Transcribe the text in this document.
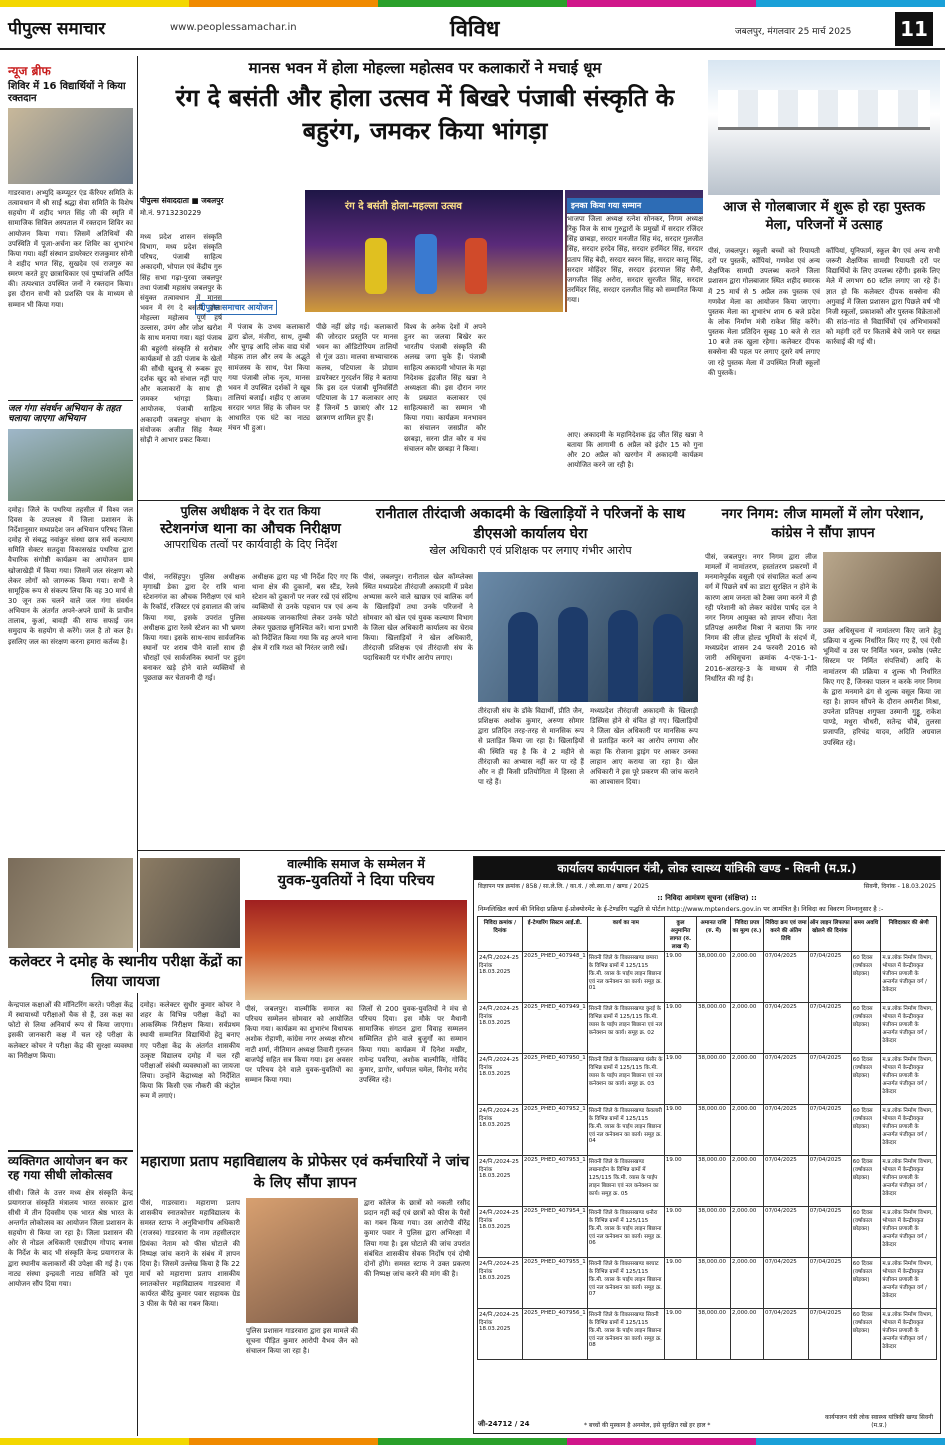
पीपुल्स समाचार	www.peoplessamachar.in	विविध	जबलपुर, मंगलवार 25 मार्च 2025 11
न्यूज ब्रीफ
शिविर में 16 विद्यार्थियों ने किया रक्तदान
गाडरवारा। अभ्युदि कम्प्यूटर एंड कॅरियर समिति के तत्वावधान में श्री साईं श्रद्धा सेवा समिति के विशेष सहयोग में शहीद भगत सिंह जी की स्मृति में सामाजिक सिविल अस्पताल में रक्तदान शिविर का आयोजन किया गया। जिसमें अतिथियों की उपस्थिति में पूजा-अर्चना कर शिविर का शुभारंभ किया गया। वहीं संस्थान डायरेक्टर राजकुमार सोनी ने शहीद भगत सिंह, सुखदेव एवं राजगुरु का स्मरण करते हुए छात्राधिकार एवं पुष्पांजलि अर्पित की। तत्पश्चात उपस्थित जनों ने रक्तदान किया। इस दौरान सभी को प्रशस्ति पत्र के माध्यम से सम्मान भी किया गया।
जल गंगा संवर्धन अभियान के तहत चलाया जाएगा अभियान
दमोह। जिले के पथरिया तहसील में विश्व जल दिवस के उपलक्ष्य में जिला प्रशासन के निर्देशानुसार मध्यप्रदेश जन अभियान परिषद जिला दमोह से संबद्ध नवांकुर संस्था छात्र सर्व कल्याण समिति सेक्टर सतदुवा विकासखंड पथरिया द्वारा वैचारिक संगोष्ठी कार्यक्रम का आयोजन ग्राम खोजाखेड़ी में किया गया। जिसमें जल संरक्षण को लेकर लोगों को जागरूक किया गया। सभी ने सामूहिक रूप से संकल्प लिया कि वह 30 मार्च से 30 जून तक चलने वाले जल गंगा संवर्धन अभियान के अंतर्गत अपने-अपने ग्रामों के प्राचीन तालाब, कुआं, बावड़ी की साफ सफाई जन समुदाय के सहयोग से करेंगे। जल है तो कल है। इसलिए जल का संरक्षण करना हमारा कर्तव्य है।
व्यक्तिगत आयोजन बन कर रह गया सीधी लोकोत्सव
सीधी। जिले के उत्तर मध्य क्षेत्र संस्कृति केन्द्र प्रयागराज संस्कृति मंत्रालय भारत सरकार द्वारा सीधी में तीन दिवसीय एक भारत श्रेष्ठ भारत के अन्तर्गत लोकोत्सव का आयोजन जिला प्रशासन के सहयोग से किया जा रहा है। जिला प्रशासन की ओर से नोडल अधिकारी एसडीएम गोपाद बनास के निर्देश के बाद भी संस्कृति केन्द्र प्रयागराज के द्वारा स्थानीय कलाकारों की उपेक्षा की गई है। एक नाट्य संस्था इन्द्रवती नाट्य समिति को पूरा आयोजन सौंप दिया गया।
मानस भवन में होला मोहल्ला महोत्सव पर कलाकारों ने मचाई धूम
रंग दे बसंती और होला उत्सव में बिखरे पंजाबी संस्कृति के बहुरंग, जमकर किया भांगड़ा
पीपुल्स संवाददाता ■ जबलपुर
मो.नं. 9713230229
रंग दे बसंती होला-महल्ला उत्सव
पीपुल्स समाचार आयोजन
मध्य प्रदेश शासन संस्कृति विभाग, मध्य प्रदेश संस्कृति परिषद, पंजाबी साहित्य अकादमी, भोपाल एवं केंद्रीय गुरु सिंह सभा गढ़ा-पुरवा जबलपुर तथा पंजाबी महासंघ जबलपुर के संयुक्त तत्वावधान में मानस भवन में रंग दे बसंती, होला मोहल्ला महोत्सव पूर्ण हर्ष उल्लास, उमंग और जोश खरोश के साथ मनाया गया। यहां पंजाब की बहुरंगी संस्कृति से सरोबार कार्यक्रमों से उठी पंजाब के खेतों की सौंधी खुशबू से रूबरू हुए दर्शक खुद को संभाल नहीं पाए और कलाकारों के साथ ही जमकर भांगड़ा किया। आयोजक, पंजाबी साहित्य अकादमी जबलपुर संभाग के संयोजक अजीत सिंह नैय्यर सोढ़ी ने आभार प्रकट किया।
में पंजाब के उभय कलाकारों द्वारा ढोल, मंजीरा, साथ, तुम्बी और चुगढ़ आदि लोक वाद्य यंत्रों मोहक ताल और लय के अद्भुते सामंजस्य के साथ, पेश किया गया पंजाबी लोक नृत्य, मानस भवन में उपस्थित दर्शकों ने खूब तालियां बजाईं। शहीद ए आजम सरदार भगत सिंह के जीवन पर आधारित एक घंटे का नाट्य मंचन भी हुआ।
पीछे नहीं छोड़ गई। कलाकारों की जोरदार प्रस्तुति पर मानस भवन का ऑडिटोरियम तालियों से गूंज उठा। मालवा सभ्याचारक कलब, पटियाला के प्रोग्राम डायरेक्टर गुरदर्शन सिंह ने बताया कि इस दल पंजाबी यूनिवर्सिटी पटियाला के 17 कलाकार आए हैं जिनमें 5 छात्राएं और 12 छात्रगण शामिल हुए हैं।
विश्व के अनेक देशों में अपने हुनर का जलवा बिखेर कर भारतीय पंजाबी संस्कृति की अलख जगा चुके हैं। पंजाबी साहित्य अकादमी भोपाल के महा निदेशक इंद्रजीत सिंह खन्ना ने अध्यक्षता की। इस दौरान नगर के प्रख्यात कलाकार एवं साहित्यकारों का सम्मान भी किया गया। कार्यक्रम मनभावन का संचालन जसप्रीत कौर छाबड़ा, सरना प्रीत कौर व मंच संचालन कौर छाबड़ा ने किया।
इनका किया गया सम्मान
भाजपा जिला अध्यक्ष रत्नेश सोनकर, निगम अध्यक्ष रिंकु विज के साथ गुरुद्वारों के प्रमुखों में सरदार रजिंदर सिंह छाबड़ा, सरदार मनजीत सिंह मंद, सरदार गुलजीत सिंह, सरदार हरदेव सिंह, सरदार हरमिंदर सिंह, सरदार प्रताप सिंह बेदी, सरदार स्वरन सिंह, सरदार कालू सिंह, सरदार मोहिंदर सिंह, सरदार इंदरपाल सिंह सैनी, जगजीत सिंह अरोरा, सरदार सुरजीत सिंह, सरदार तरमिंदर सिंह, सरदार दलजीत सिंह को सम्मानित किया गया।
आए। अकादमी के महानिदेशक इंद्र जीत सिंह खन्ना ने बताया कि आगामी 6 अप्रैल को इंदौर 15 को गुना और 20 अप्रैल को खरगोन में अकादमी कार्यक्रम आयोजित करने जा रही है।
आज से गोलबाजार में शुरू हो रहा पुस्तक मेला, परिजनों में उत्साह
पीसं, जबलपुर। स्कूली बच्चों को रियायती दरों पर पुस्तकें, कॉपियां, गणवेश एवं अन्य शैक्षणिक सामग्री उपलब्ध कराने जिला प्रशासन द्वारा गोलबाजार स्थित शहीद स्मारक में 25 मार्च से 5 अप्रैल तक पुस्तक एवं गणवेश मेला का आयोजन किया जाएगा। पुस्तक मेला का शुभारंभ शाम 6 बजे प्रदेश के लोक निर्माण मंत्री राकेश सिंह करेंगे। पुस्तक मेला प्रतिदिन सुबह 10 बजे से रात 10 बजे तक खुला रहेगा। कलेक्टर दीपक सक्सेना की पहल पर लगाए दूसरे वर्ष लगाए जा रहे पुस्तक मेला में उपस्थित निजी स्कूलों की पुस्तकें।
कॉपियां, यूनिफार्म, स्कूल बैग एवं अन्य सभी जरूरी शैक्षणिक सामग्री रियायती दरों पर विद्यार्थियों के लिए उपलब्ध रहेंगी। इसके लिए मेले में लगभग 60 स्टॉल लगाए जा रहे हैं। ज्ञात हो कि कलेक्टर दीपक सक्सेना की अगुवाई में जिला प्रशासन द्वारा पिछले वर्ष भी निजी स्कूलों, प्रकाशकों और पुस्तक विक्रेताओं की सांठ-गांठ से विद्यार्थियों एवं अभिभावकों को महंगी दरों पर किताबें बेचे जाने पर सख्त कार्रवाई की गई थी।
पुलिस अधीक्षक ने देर रात किया
स्टेशनगंज थाना का औचक निरीक्षण
आपराधिक तत्वों पर कार्यवाही के दिए निर्देश
पीसं, नरसिंहपुर। पुलिस अधीक्षक मृगाखी डेका द्वारा देर रात्रि थाना स्टेशनगंज का औचक निरीक्षण एवं थाने के रिकॉर्ड, रजिस्टर एवं हवालात की जांच किया गया, इसके उपरांत पुलिस अधीक्षक द्वारा रेलवे स्टेशन का भी भ्रमण किया गया। इसके साथ-साथ सार्वजनिक स्थानों पर शराब पीने वालों साथ ही चौराहों एवं सार्वजनिक स्थानों पर हुड़ंग बनाकर खड़े होने वाले व्यक्तियों से पूछताछ कर चेतावनी दी गई।
अधीक्षक द्वारा यह भी निर्देश दिए गए कि थाना क्षेत्र की दुकानों, बस स्टैंड, रेलवे स्टेशन को दुकानों पर नजर रखें एवं संदिग्ध व्यक्तियों से उनके पहचान पत्र एवं अन्य आवश्यक जानकारियां लेकर उनके फोटो लेकर पूछताछ सुनिश्चित करें। थाना प्रभारी को निर्देशित किया गया कि वह अपने थाना क्षेत्र में रात्रि गश्त को निरंतर जारी रखें।
रानीताल तीरंदाजी अकादमी के खिलाड़ियों ने परिजनों के साथ डीएसओ कार्यालय घेरा
खेल अधिकारी एवं प्रशिक्षक पर लगाए गंभीर आरोप
पीसं, जबलपुर। रानीताल खेल कॉम्प्लेक्स स्थित मध्यप्रदेश तीरंदाजी अकादमी में प्रवेश अभ्यास करने वाले खाछत्र एवं बालिक वर्ग के खिलाड़ियों तथा उनके परिजनों ने सोमवार को खेल एवं युवक कल्याण विभाग के जिला खेल अधिकारी कार्यालय का घेराव किया। खिलाड़ियों ने खेल अधिकारी, तीरंदाजी प्रशिक्षक एवं तीरंदाजी संघ के पदाधिकारी पर गंभीर आरोप लगाए।
तीरंदाजी संघ के डॉके विद्यार्थी, प्रीति जैन, प्रशिक्षक अशोक कुमार, अरुणा सोमार द्वारा प्रतिदिन तरह-तरह से मानसिक रूप से प्रताड़ित किया जा रहा है। खिलाड़ियों की स्थिति यह है कि वे 2 महीने से तीरंदाजी का अभ्यास नहीं कर पा रहे हैं और न ही किसी प्रतियोगिता में हिस्सा ले पा रहे हैं।
मध्यप्रदेश तीरंदाजी अकादमी के खिलाड़ी डिस्मिस होने से वंचित हो गए। खिलाड़ियों ने जिला खेल अधिकारी पर मानसिक रूप से प्रताड़ित करने का आरोप लगाया और कहा कि रोजाना ड्राइंग पर आकर उनका लाहान आए कराया जा रहा है। खेल अधिकारी ने इस पूरे प्रकरण की जांच कराने का आश्वासन दिया।
नगर निगम: लीज मामलों में लोग परेशान, कांग्रेस ने सौंपा ज्ञापन
पीसं, जबलपुर। नगर निगम द्वारा लीज मामलों में नामांतरण, हस्तांतरण प्रकरणों में मनमानेपूर्वक वसूली एवं संचालित कर्ता अन्य वर्ग में पिछले वर्ष का डाटा सुरक्षित न होने के कारण आम जनता को टैक्स जमा करने में ही रही परेशानी को लेकर कांग्रेस पार्षद दल ने नगर निगम आयुक्त को ज्ञापन सौंपा। नेता प्रतिपक्ष अमरीश मिश्रा ने बताया कि नगर निगम की लीज होल्ड भूमियों के संदर्भ में, मध्यप्रदेश शासन 24 फरवरी 2016 को जारी अधिसूचना क्रमांक 4-एफ-1-1-2016-अठारह-3 के माध्यम से नीति निर्धारित की गई है।
उक्त अधिसूचना में नामांतरण किए जाने हेतु प्रक्रिया व शुल्क निर्धारित किए गए हैं, एवं ऐसी भूमियों व उस पर निर्मित भवन, प्रकोष्ठ (फ्लैट सिस्टम पर निर्मित संपत्तियों) आदि के नामांतरण की प्रक्रिया व शुल्क भी निर्धारित किए गए हैं, जिनका पालन न करके नगर निगम के द्वारा मनमाने ढंग से शुल्क वसूल किया जा रहा है। ज्ञापन सौंपने के दौरान अमरीश मिश्रा, उपनेता प्रतिपक्ष शगुफ्ता उस्मानी गुड्डू, राकेश पाण्डे, मधुरा चौधरी, सतेन्द्र चौबे, तुलसा प्रजापति, हरिचंद्र यादव, अदिति अग्रवाल उपस्थित रहे।
कलेक्टर ने दमोह के स्थानीय परीक्षा केंद्रों का लिया जायजा
दमोह। कलेक्टर सुधीर कुमार कोचर ने शहर के विभिन्न परीक्षा केंद्रों का आकस्मिक निरीक्षण किया। सर्वप्रथम स्थायी सम्मानित विद्यार्थियों हेतु बनाए गए परीक्षा केंद्र के अंतर्गत शासकीय उत्कृष्ट विद्यालय दमोह में चल रही परीक्षाओं संबंधी व्यवस्थाओं का जायजा लिया। उन्होंने केंद्राध्यक्ष को निर्देशित किया कि किसी एक नौकरी की कंट्रोल रूम में लगाएं।
केन्द्रपाल कक्षाओं की मॉनिटरिंग करते। परीक्षा केंद्र में स्थायाध्यों परीक्षाओं चैक से हैं, उस कक्ष का फोटो से लिया अनिवार्य रूप से किया जाएगा। इसकी जानकारी कक्ष में चल रहे परीक्षा के कलेक्टर कोचर ने परीक्षा केंद्र की सुरक्षा व्यवस्था का निरीक्षण किया।
वाल्मीकि समाज के सम्मेलन में
युवक-युवतियों ने दिया परिचय
पीसं, जबलपुर। वाल्मीकि समाज का परिचय सम्मेलन सोमवार को आयोजित किया गया। कार्यक्रम का शुभारंभ विधायक अशोक रोहाणी, कांग्रेस नगर अध्यक्ष सौरभ नाटी शर्मा, नीतिमान अध्यक्ष तिवारी गुरुजन बाजपेई सहित सत्र किया गया। इस अवसर पर परिचय देने वाले युवक-युवतियों का सम्मान किया गया।
जिलों से 200 युवक-युवतियों ने मंच से परिचय दिया। इस मौके पर मैथानी सामाजिक संगठन द्वारा विवाह सम्मलन सम्मिलित होने वाले बुजुर्गों का सम्मान किया गया। कार्यक्रम में दिनेश मखीर, रामेन्द्र पवरिया, अशोक बाल्मीकि, गोविंद कुमार, डागोर, धर्मपाल चमेल, विनोद मरोद उपस्थित रहे।
महाराणा प्रताप महाविद्यालय के प्रोफेसर एवं कर्मचारियों ने जांच के लिए सौंपा ज्ञापन
पीसं, गाडरवारा। महाराणा प्रताप शासकीय स्नातकोत्तर महाविद्यालय के समस्त स्टाफ ने अनुविभागीय अधिकारी (राजस्व) गाडरवारा के नाम तहसीलदार प्रियंका नेताम को फीस घोटाले की निष्पक्ष जांच कराने के संबंध में ज्ञापन दिया है। जिसमें उल्लेख किया है कि 22 मार्च को महाराणा प्रताप शासकीय स्नातकोत्तर महाविद्यालय गाडरवारा में कार्यरत बीरेंद्र कुमार पवार सहायक ग्रेड 3 फीस के पैसे का गबन किया।
पुलिस प्रशासन गाडरवारा द्वारा इस मामले की सूचना पीड़ित कुमार आरोपी वैभव जैन को संचालन किया जा रहा है।
द्वारा कॉलेज के छात्रों को नकली रसीद प्रदान नहीं कई एवं छात्रों को फीस के पैसों का गबन किया गया। उस आरोपी वीरेंद्र कुमार पवार ने पुलिस द्वारा अभिरक्षा में लिया गया है। इस घोटाले की जांच उपरांत संबंधित शासकीय सेवक निर्दोष एवं दोषी दोनों होंगे। समस्त स्टाफ ने उक्त प्रकरण की निष्पक्ष जांच करने की मांग की है।
कार्यालय कार्यपालन यंत्री, लोक स्वास्थ्य यांत्रिकी खण्ड - सिवनी (म.प्र.)
विज्ञापन पत्र क्रमांक / 858 / सा.ले.लि. / का.यं. / लो.स्वा.या / खण्ड / 2025	सिवनी, दिनांक - 18.03.2025
:: निविदा आमंत्रण सूचना (संक्षिप्त) ::
निम्नलिखित कार्य की निविदा प्रक्रिया ई-प्रोक्योरमेंट के ई-टेण्डरिंग पद्धति से पोर्टल http://www.mptenders.gov.in पर आमंत्रित है। निविदा का विवरण निम्नानुसार है :-
निविदा क्रमांक / दिनांक	ई-टेण्डरिंग सिस्टम आई.डी.	कार्य का नाम	कुल अनुमानित लागत (रु. लाख में)	अमानत राशि (रु. में)	निविदा प्रपत्र का मूल्य (रु.)	निविदा क्रय एवं जमा करने की अंतिम तिथि	ऑन लाइन लिफाफा खोलने की दिनांक	समय अवधि	निविदाकार की श्रेणी
24/नि./2024-25 दिनांक 18.03.2025	2025_PHED_407948_1	सिवनी जिले के विकासखण्ड छपारा के विभिन्न ग्रामों में 125/115 कि.मी. व्यास के पाईप लाइन बिछाना एवं नल कनेक्शन का कार्य। समूह क्र. 01	19.00	38,000.00	2,000.00	07/04/2025	07/04/2025	60 दिवस (वर्षाकाल छोड़कर)	म.प्र.लोक निर्माण विभाग, भोपाल में केन्द्रीयकृत पंजीयन प्रणाली के अन्तर्गत पंजीकृत वर्ग /ठेकेदार
24/नि./2024-25 दिनांक 18.03.2025	2025_PHED_407949_1	सिवनी जिले के विकासखण्ड कुरई के विभिन्न ग्रामों में 125/115 कि.मी. व्यास के पाईप लाइन बिछाना एवं नल कनेक्शन का कार्य। समूह क्र. 02	19.00	38,000.00	2,000.00	07/04/2025	07/04/2025	60 दिवस (वर्षाकाल छोड़कर)	म.प्र.लोक निर्माण विभाग, भोपाल में केन्द्रीयकृत पंजीयन प्रणाली के अन्तर्गत पंजीकृत वर्ग /ठेकेदार
24/नि./2024-25 दिनांक 18.03.2025	2025_PHED_407950_1	सिवनी जिले के विकासखण्ड घंसौर के विभिन्न ग्रामों में 125/115 कि.मी. व्यास के पाईप लाइन बिछाना एवं नल कनेक्शन का कार्य। समूह क्र. 03	19.00	38,000.00	2,000.00	07/04/2025	07/04/2025	60 दिवस (वर्षाकाल छोड़कर)	म.प्र.लोक निर्माण विभाग, भोपाल में केन्द्रीयकृत पंजीयन प्रणाली के अन्तर्गत पंजीकृत वर्ग /ठेकेदार
24/नि./2024-25 दिनांक 18.03.2025	2025_PHED_407952_1	सिवनी जिले के विकासखण्ड केवलारी के विभिन्न ग्रामों में 125/115 कि.मी. व्यास के पाईप लाइन बिछाना एवं नल कनेक्शन का कार्य। समूह क्र. 04	19.00	38,000.00	2,000.00	07/04/2025	07/04/2025	60 दिवस (वर्षाकाल छोड़कर)	म.प्र.लोक निर्माण विभाग, भोपाल में केन्द्रीयकृत पंजीयन प्रणाली के अन्तर्गत पंजीकृत वर्ग /ठेकेदार
24/नि./2024-25 दिनांक 18.03.2025	2025_PHED_407953_1	सिवनी जिले के विकासखण्ड लखनादौन के विभिन्न ग्रामों में 125/115 कि.मी. व्यास के पाईप लाइन बिछाना एवं नल कनेक्शन का कार्य। समूह क्र. 05	19.00	38,000.00	2,000.00	07/04/2025	07/04/2025	60 दिवस (वर्षाकाल छोड़कर)	म.प्र.लोक निर्माण विभाग, भोपाल में केन्द्रीयकृत पंजीयन प्रणाली के अन्तर्गत पंजीकृत वर्ग /ठेकेदार
24/नि./2024-25 दिनांक 18.03.2025	2025_PHED_407954_1	सिवनी जिले के विकासखण्ड धनौरा के विभिन्न ग्रामों में 125/115 कि.मी. व्यास के पाईप लाइन बिछाना एवं नल कनेक्शन का कार्य। समूह क्र. 06	19.00	38,000.00	2,000.00	07/04/2025	07/04/2025	60 दिवस (वर्षाकाल छोड़कर)	म.प्र.लोक निर्माण विभाग, भोपाल में केन्द्रीयकृत पंजीयन प्रणाली के अन्तर्गत पंजीकृत वर्ग /ठेकेदार
24/नि./2024-25 दिनांक 18.03.2025	2025_PHED_407955_1	सिवनी जिले के विकासखण्ड बरघाट के विभिन्न ग्रामों में 125/115 कि.मी. व्यास के पाईप लाइन बिछाना एवं नल कनेक्शन का कार्य। समूह क्र. 07	19.00	38,000.00	2,000.00	07/04/2025	07/04/2025	60 दिवस (वर्षाकाल छोड़कर)	म.प्र.लोक निर्माण विभाग, भोपाल में केन्द्रीयकृत पंजीयन प्रणाली के अन्तर्गत पंजीकृत वर्ग /ठेकेदार
24/नि./2024-25 दिनांक 18.03.2025	2025_PHED_407956_1	सिवनी जिले के विकासखण्ड सिवनी के विभिन्न ग्रामों में 125/115 कि.मी. व्यास के पाईप लाइन बिछाना एवं नल कनेक्शन का कार्य। समूह क्र. 08	19.00	38,000.00	2,000.00	07/04/2025	07/04/2025	60 दिवस (वर्षाकाल छोड़कर)	म.प्र.लोक निर्माण विभाग, भोपाल में केन्द्रीयकृत पंजीयन प्रणाली के अन्तर्गत पंजीकृत वर्ग /ठेकेदार
जी-24712 / 24	* बच्चों की मुस्कान है अनमोल, इसे सुरक्षित रखें हर हाल *
कार्यपालन यंत्री लोक स्वास्थ्य यांत्रिकी खण्ड सिवनी (म.प्र.)
